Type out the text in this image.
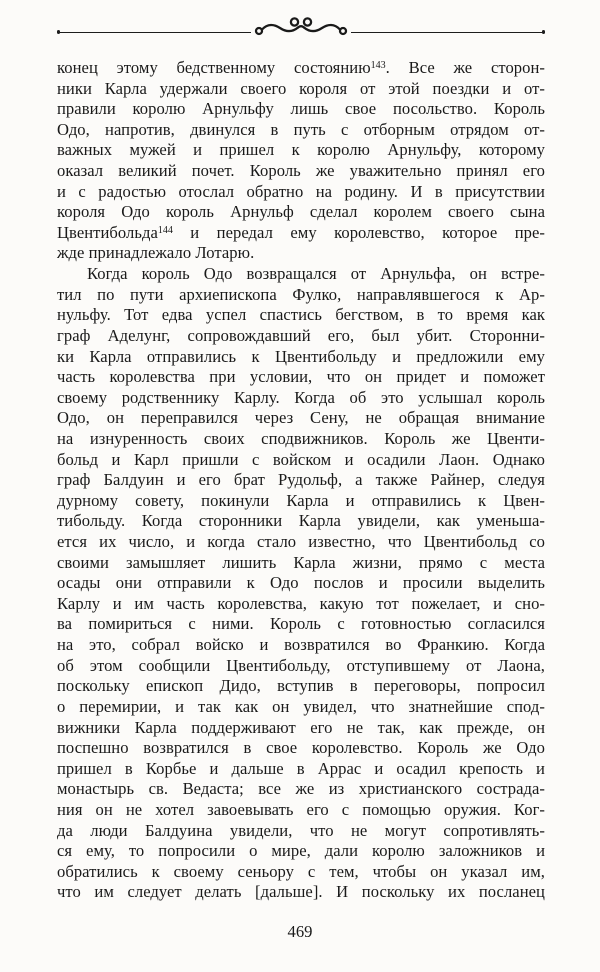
конец этому бедственному состоянию$^{143}$. Все же сторон-
ники Карла удержали своего короля от этой поездки и от-
правили королю Арнульфу лишь свое посольство. Король
Одо, напротив, двинулся в путь с отборным отрядом от-
важных мужей и пришел к королю Арнульфу, которому
оказал великий почет. Король же уважительно принял его
и с радостью отослал обратно на родину. И в присутствии
короля Одо король Арнульф сделал королем своего сына
Цвентибольда$^{144}$ и передал ему королевство, которое пре-
жде принадлежало Лотарю.
Когда король Одо возвращался от Арнульфа, он встре-
тил по пути архиепископа Фулко, направлявшегося к Ар-
нульфу. Тот едва успел спастись бегством, в то время как
граф Аделунг, сопровождавший его, был убит. Сторонни-
ки Карла отправились к Цвентибольду и предложили ему
часть королевства при условии, что он придет и поможет
своему родственнику Карлу. Когда об это услышал король
Одо, он переправился через Сену, не обращая внимание
на изнуренность своих сподвижников. Король же Цвенти-
больд и Карл пришли с войском и осадили Лаон. Однако
граф Балдуин и его брат Рудольф, а также Райнер, следуя
дурному совету, покинули Карла и отправились к Цвен-
тибольду. Когда сторонники Карла увидели, как уменьша-
ется их число, и когда стало известно, что Цвентибольд со
своими замышляет лишить Карла жизни, прямо с места
осады они отправили к Одо послов и просили выделить
Карлу и им часть королевства, какую тот пожелает, и сно-
ва помириться с ними. Король с готовностью согласился
на это, собрал войско и возвратился во Франкию. Когда
об этом сообщили Цвентибольду, отступившему от Лаона,
поскольку епископ Дидо, вступив в переговоры, попросил
о перемирии, и так как он увидел, что знатнейшие спод-
вижники Карла поддерживают его не так, как прежде, он
поспешно возвратился в свое королевство. Король же Одо
пришел в Корбье и дальше в Аррас и осадил крепость и
монастырь св. Ведаста; все же из христианского сострада-
ния он не хотел завоевывать его с помощью оружия. Ког-
да люди Балдуина увидели, что не могут сопротивлять-
ся ему, то попросили о мире, дали королю заложников и
обратились к своему сеньору с тем, чтобы он указал им,
что им следует делать [дальше]. И поскольку их посланец
469
